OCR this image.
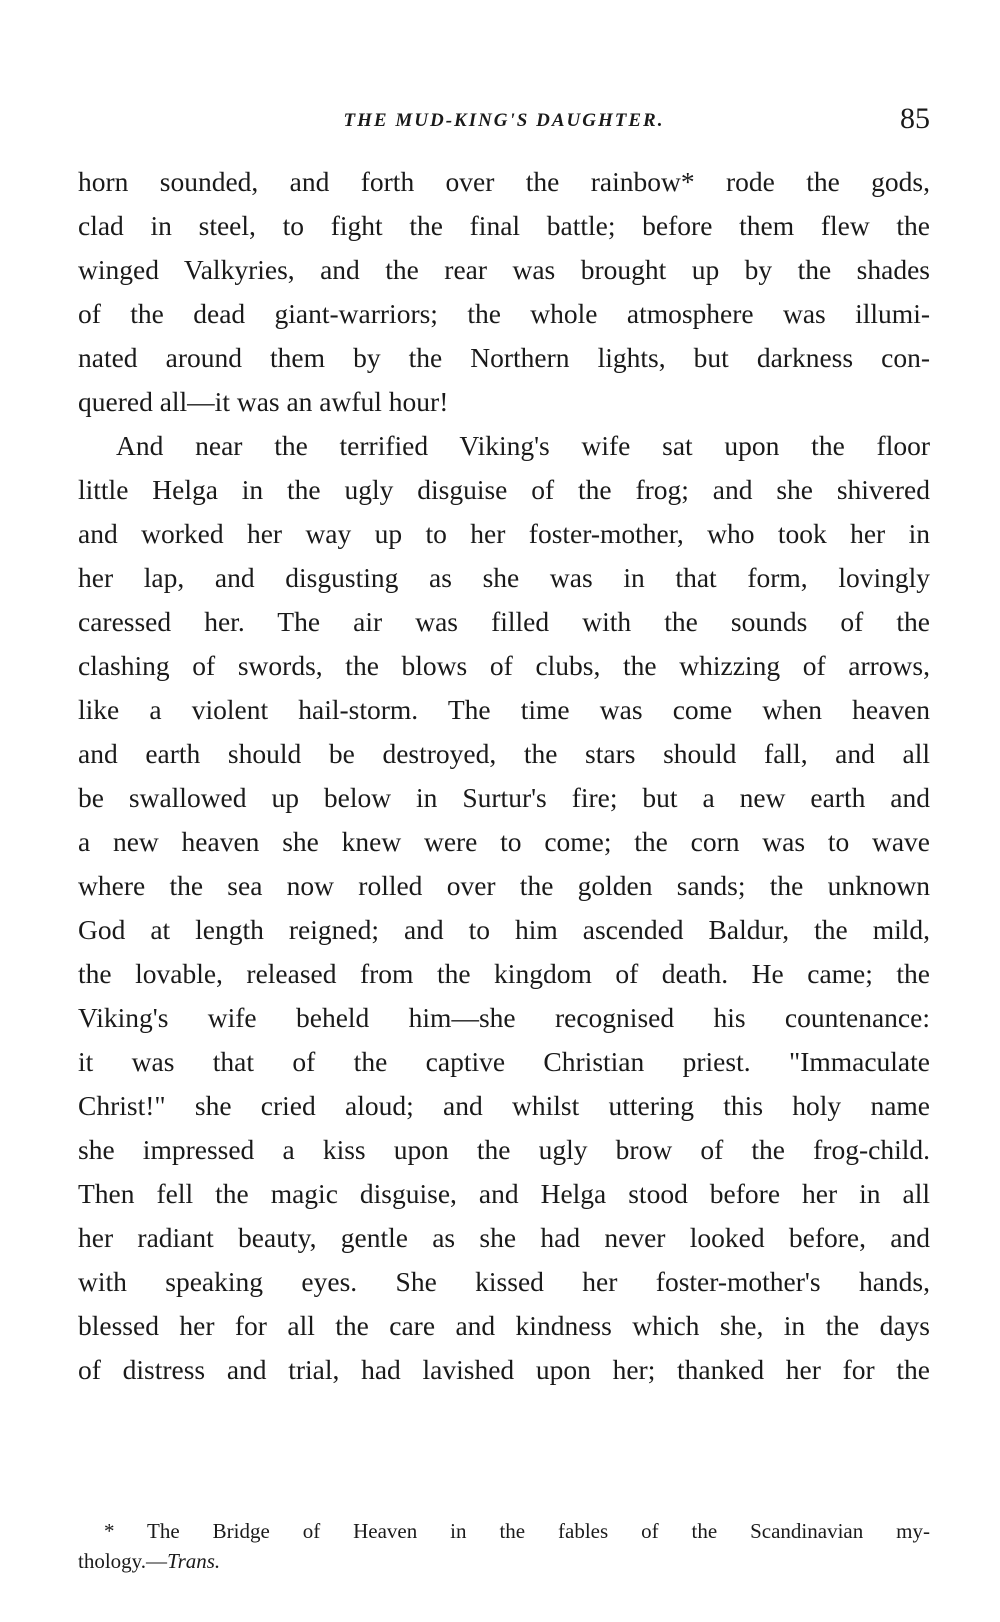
THE MUD-KING'S DAUGHTER.	85
horn sounded, and forth over the rainbow* rode the gods,
clad in steel, to fight the final battle; before them flew the
winged Valkyries, and the rear was brought up by the shades
of the dead giant-warriors; the whole atmosphere was illumi-
nated around them by the Northern lights, but darkness con-
quered all—it was an awful hour!
And near the terrified Viking's wife sat upon the floor
little Helga in the ugly disguise of the frog; and she shivered
and worked her way up to her foster-mother, who took her in
her lap, and disgusting as she was in that form, lovingly
caressed her. The air was filled with the sounds of the
clashing of swords, the blows of clubs, the whizzing of arrows,
like a violent hail-storm. The time was come when heaven
and earth should be destroyed, the stars should fall, and all
be swallowed up below in Surtur's fire; but a new earth and
a new heaven she knew were to come; the corn was to wave
where the sea now rolled over the golden sands; the unknown
God at length reigned; and to him ascended Baldur, the mild,
the lovable, released from the kingdom of death. He came; the
Viking's wife beheld him—she recognised his countenance:
it was that of the captive Christian priest. "Immaculate
Christ!" she cried aloud; and whilst uttering this holy name
she impressed a kiss upon the ugly brow of the frog-child.
Then fell the magic disguise, and Helga stood before her in all
her radiant beauty, gentle as she had never looked before, and
with speaking eyes. She kissed her foster-mother's hands,
blessed her for all the care and kindness which she, in the days
of distress and trial, had lavished upon her; thanked her for the
* The Bridge of Heaven in the fables of the Scandinavian my-
thology.—Trans.
